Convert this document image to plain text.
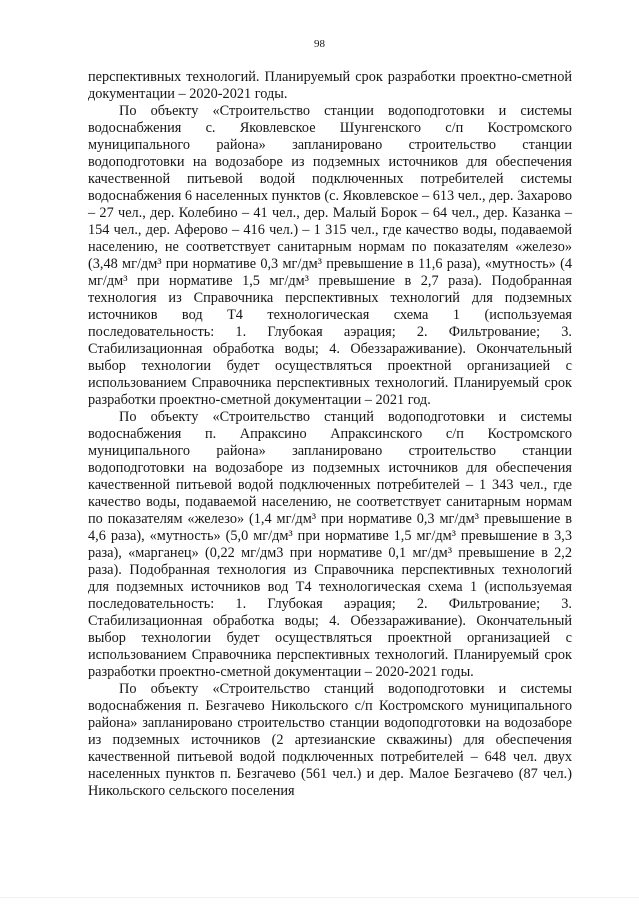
98

перспективных технологий. Планируемый срок разработки проектно-сметной документации – 2020-2021 годы.

По объекту «Строительство станции водоподготовки и системы водоснабжения с. Яковлевское Шунгенского с/п Костромского муниципального района» запланировано строительство станции водоподготовки на водозаборе из подземных источников для обеспечения качественной питьевой водой подключенных потребителей системы водоснабжения 6 населенных пунктов (с. Яковлевское – 613 чел., дер. Захарово – 27 чел., дер. Колебино – 41 чел., дер. Малый Борок – 64 чел., дер. Казанка – 154 чел., дер. Аферово – 416 чел.) – 1 315 чел., где качество воды, подаваемой населению, не соответствует санитарным нормам по показателям «железо» (3,48 мг/дм³ при нормативе 0,3 мг/дм³ превышение в 11,6 раза), «мутность» (4 мг/дм³ при нормативе 1,5 мг/дм³ превышение в 2,7 раза). Подобранная технология из Справочника перспективных технологий для подземных источников вод Т4 технологическая схема 1 (используемая последовательность: 1. Глубокая аэрация; 2. Фильтрование; 3. Стабилизационная обработка воды; 4. Обеззараживание). Окончательный выбор технологии будет осуществляться проектной организацией с использованием Справочника перспективных технологий. Планируемый срок разработки проектно-сметной документации – 2021 год.

По объекту «Строительство станций водоподготовки и системы водоснабжения п. Апраксино Апраксинского с/п Костромского муниципального района» запланировано строительство станции водоподготовки на водозаборе из подземных источников для обеспечения качественной питьевой водой подключенных потребителей – 1 343 чел., где качество воды, подаваемой населению, не соответствует санитарным нормам по показателям «железо» (1,4 мг/дм³ при нормативе 0,3 мг/дм³ превышение в 4,6 раза), «мутность» (5,0 мг/дм³ при нормативе 1,5 мг/дм³ превышение в 3,3 раза), «марганец» (0,22 мг/дм3 при нормативе 0,1 мг/дм³ превышение в 2,2 раза). Подобранная технология из Справочника перспективных технологий для подземных источников вод Т4 технологическая схема 1 (используемая последовательность: 1. Глубокая аэрация; 2. Фильтрование; 3. Стабилизационная обработка воды; 4. Обеззараживание). Окончательный выбор технологии будет осуществляться проектной организацией с использованием Справочника перспективных технологий. Планируемый срок разработки проектно-сметной документации – 2020-2021 годы.

По объекту «Строительство станций водоподготовки и системы водоснабжения п. Безгачево Никольского с/п Костромского муниципального района» запланировано строительство станции водоподготовки на водозаборе из подземных источников (2 артезианские скважины) для обеспечения качественной питьевой водой подключенных потребителей – 648 чел. двух населенных пунктов п. Безгачево (561 чел.) и дер. Малое Безгачево (87 чел.) Никольского сельского поселения
